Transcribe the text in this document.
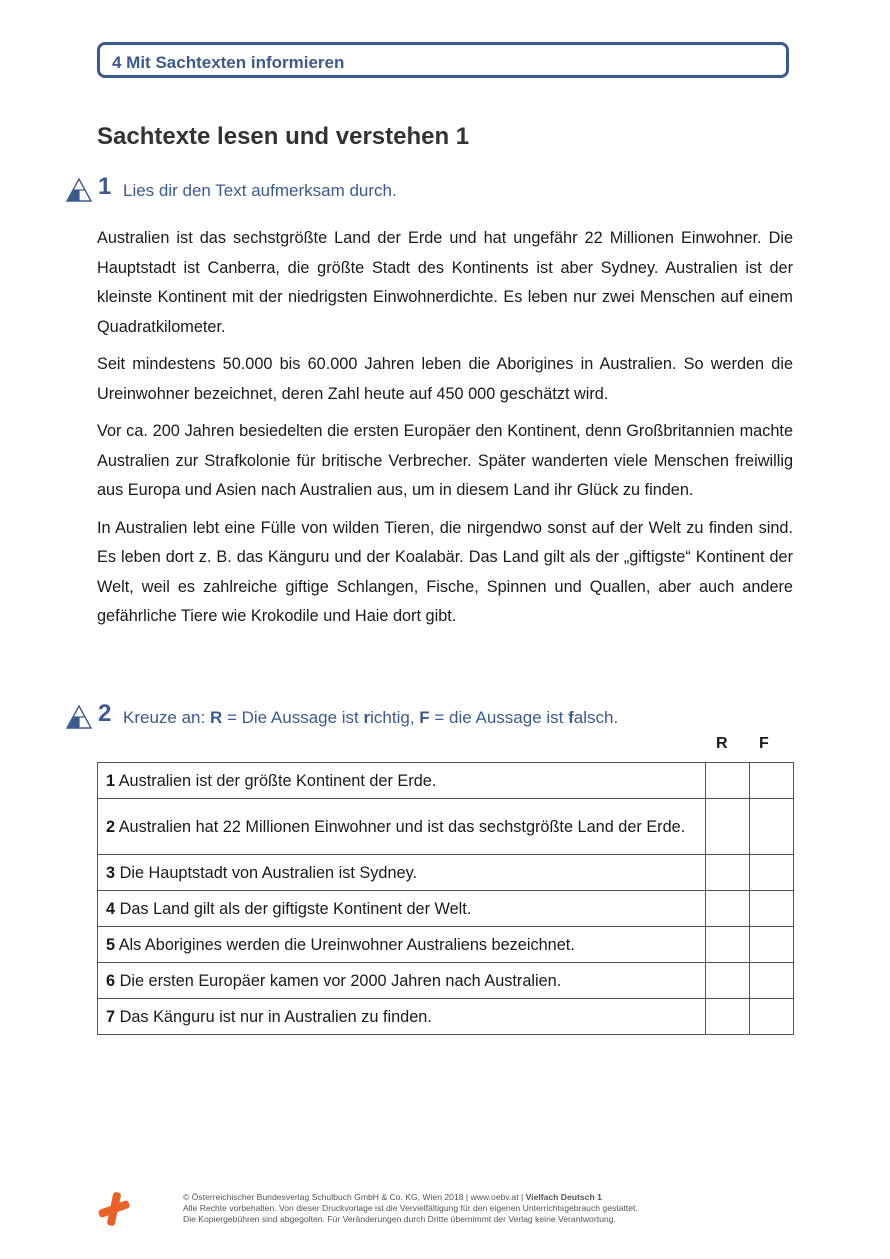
4 Mit Sachtexten informieren
Sachtexte lesen und verstehen 1
1 Lies dir den Text aufmerksam durch.

Australien ist das sechstgrößte Land der Erde und hat ungefähr 22 Millionen Einwohner. Die Hauptstadt ist Canberra, die größte Stadt des Kontinents ist aber Sydney. Australien ist der kleinste Kontinent mit der niedrigsten Einwohnerdichte. Es leben nur zwei Menschen auf einem Quadratkilometer.

Seit mindestens 50.000 bis 60.000 Jahren leben die Aborigines in Australien. So werden die Ureinwohner bezeichnet, deren Zahl heute auf 450 000 geschätzt wird.

Vor ca. 200 Jahren besiedelten die ersten Europäer den Kontinent, denn Großbritannien machte Australien zur Strafkolonie für britische Verbrecher. Später wanderten viele Menschen freiwillig aus Europa und Asien nach Australien aus, um in diesem Land ihr Glück zu finden.

In Australien lebt eine Fülle von wilden Tieren, die nirgendwo sonst auf der Welt zu finden sind. Es leben dort z. B. das Känguru und der Koalabär. Das Land gilt als der „giftigste“ Kontinent der Welt, weil es zahlreiche giftige Schlangen, Fische, Spinnen und Quallen, aber auch andere gefährliche Tiere wie Krokodile und Haie dort gibt.

2 Kreuze an: R = Die Aussage ist richtig, F = die Aussage ist falsch.
R F
1 Australien ist der größte Kontinent der Erde.		
2 Australien hat 22 Millionen Einwohner und ist das sechstgrößte Land der Erde.		
3 Die Hauptstadt von Australien ist Sydney.		
4 Das Land gilt als der giftigste Kontinent der Welt.		
5 Als Aborigines werden die Ureinwohner Australiens bezeichnet.		
6 Die ersten Europäer kamen vor 2000 Jahren nach Australien.		
7 Das Känguru ist nur in Australien zu finden.		
© Österreichischer Bundesverlag Schulbuch GmbH & Co. KG, Wien 2018 | www.oebv.at | Vielfach Deutsch 1
Alle Rechte vorbehalten. Von dieser Druckvorlage ist die Vervielfältigung für den eigenen Unterrichtsgebrauch gestattet.
Die Kopiergebühren sind abgegolten. Für Veränderungen durch Dritte übernimmt der Verlag keine Verantwortung.
